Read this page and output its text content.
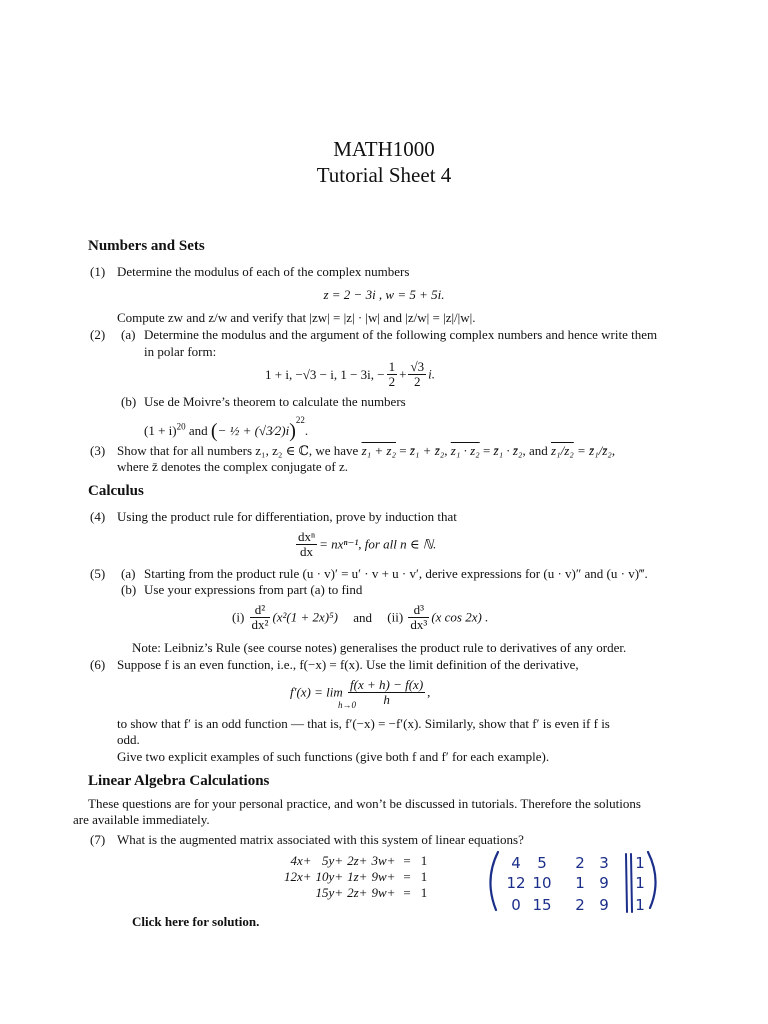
MATH1000
Tutorial Sheet 4
Numbers and Sets
(1) Determine the modulus of each of the complex numbers
z = 2 − 3i , w = 5 + 5i.
Compute zw and z/w and verify that |zw| = |z| · |w| and |z/w| = |z|/|w|.
(2) (a) Determine the modulus and the argument of the following complex numbers and hence write them
in polar form:
1 + i, −√3 − i, 1 − 3i, − $\frac{1}{2} + \frac{√3}{2} i$.
(b) Use de Moivre’s theorem to calculate the numbers
$(1 + i)^{20}$ and (− ½ + (√3⁄2)i)$^{22}$.
(3) Show that for all numbers z₁, z₂ ∈ ℂ, we have z₁ + z₂ = z̄₁ + z̄₂, z₁ · z₂ = z̄₁ · z̄₂, and z₁/z₂ = z̄₁/z̄₂,
where z̄ denotes the complex conjugate of z.
Calculus
(4) Using the product rule for differentiation, prove by induction that
$\frac{\text{dxⁿ}}{dx} = nx^{n-1}$, for all n ∈ ℕ.
(5) (a) Starting from the product rule (u · v)′ = u′ · v + u · v′, derive expressions for (u · v)″ and (u · v)‴.
(b) Use your expressions from part (a) to find
$(i) \frac{\text{d²}}{\text{dx²}} (x^2(1 + 2x)^5)$ and $(ii) \frac{\text{d³}}{\text{dx³}} (x$ cos 2x) .
Note: Leibniz’s Rule (see course notes) generalises the product rule to derivatives of any order.
(6) Suppose f is an even function, i.e., f(−x) = f(x). Use the limit definition of the derivative,
$f'(x) = \lim \frac{f(x + h) - f(x)}{h}$ ,
h→0
to show that f′ is an odd function — that is, f′(−x) = −f′(x). Similarly, show that f′ is even if f is
odd.
Give two explicit examples of such functions (give both f and f′ for each example).
Linear Algebra Calculations
These questions are for your personal practice, and won’t be discussed in tutorials. Therefore the solutions
are available immediately.
(7) What is the augmented matrix associated with this system of linear equations?
4x+	5y+	2z+	3w+	=	1
12x+	10y+	1z+	9w+	=	1
	15y+	2z+	9w+	=	1
4 5 2 3 1
12 10 1 9 1
0 15 2 9 1
Click here for solution.
